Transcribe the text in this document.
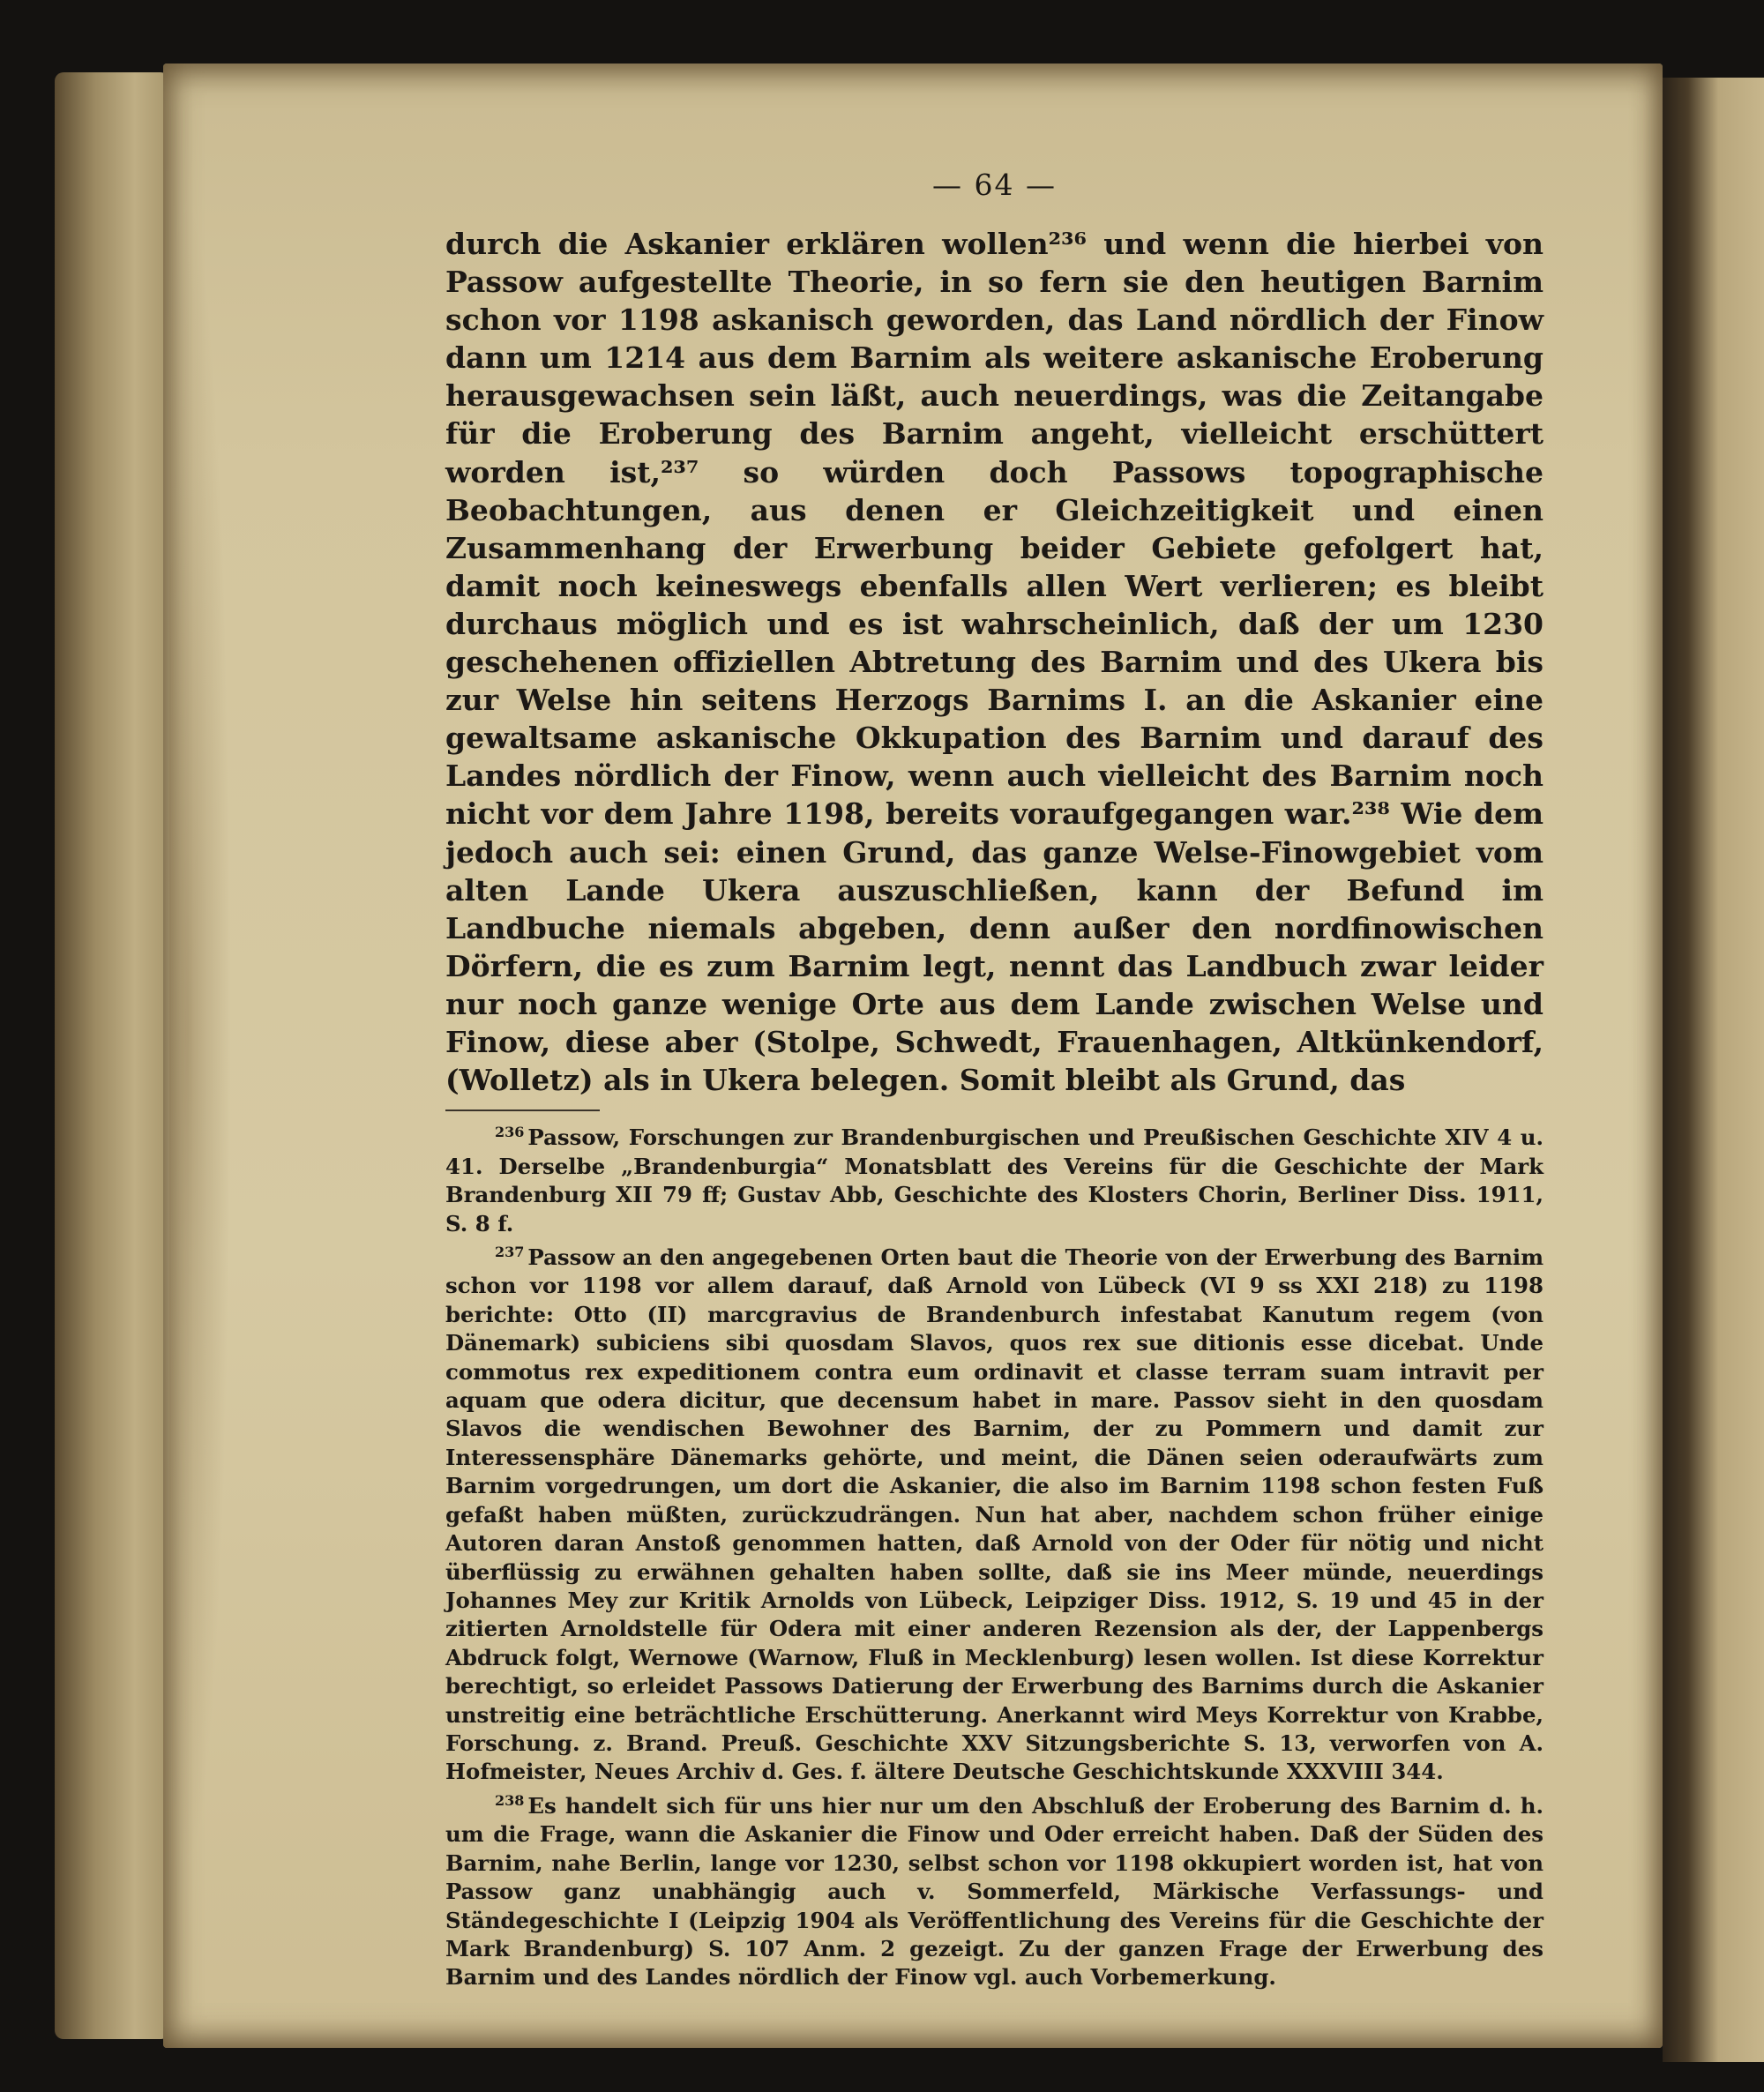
— 64 —

durch die Askanier erklären wollen²³⁶ und wenn die hierbei von Passow aufgestellte Theorie, in so fern sie den heutigen Barnim schon vor 1198 askanisch geworden, das Land nördlich der Finow dann um 1214 aus dem Barnim als weitere askanische Eroberung herausgewachsen sein läßt, auch neuerdings, was die Zeitangabe für die Eroberung des Barnim angeht, vielleicht erschüttert worden ist,²³⁷ so würden doch Passows topographische Beobachtungen, aus denen er Gleichzeitigkeit und einen Zusammenhang der Erwerbung beider Gebiete gefolgert hat, damit noch keineswegs ebenfalls allen Wert verlieren; es bleibt durchaus möglich und es ist wahrscheinlich, daß der um 1230 geschehenen offiziellen Abtretung des Barnim und des Ukera bis zur Welse hin seitens Herzogs Barnims I. an die Askanier eine gewaltsame askanische Okkupation des Barnim und darauf des Landes nördlich der Finow, wenn auch vielleicht des Barnim noch nicht vor dem Jahre 1198, bereits voraufgegangen war.²³⁸ Wie dem jedoch auch sei: einen Grund, das ganze Welse-Finowgebiet vom alten Lande Ukera auszuschließen, kann der Befund im Landbuche niemals abgeben, denn außer den nordfinowischen Dörfern, die es zum Barnim legt, nennt das Landbuch zwar leider nur noch ganze wenige Orte aus dem Lande zwischen Welse und Finow, diese aber (Stolpe, Schwedt, Frauenhagen, Altkünkendorf, (Wolletz) als in Ukera belegen. Somit bleibt als Grund, das

$^{236}$ Passow, Forschungen zur Brandenburgischen und Preußischen Geschichte XIV 4 u. 41. Derselbe „Brandenburgia“ Monatsblatt des Vereins für die Geschichte der Mark Brandenburg XII 79 ff; Gustav Abb, Geschichte des Klosters Chorin, Berliner Diss. 1911, S. 8 f.

$^{237}$ Passow an den angegebenen Orten baut die Theorie von der Erwerbung des Barnim schon vor 1198 vor allem darauf, daß Arnold von Lübeck (VI 9 ss XXI 218) zu 1198 berichte: Otto (II) marcgravius de Brandenburch infestabat Kanutum regem (von Dänemark) subiciens sibi quosdam Slavos, quos rex sue ditionis esse dicebat. Unde commotus rex expeditionem contra eum ordinavit et classe terram suam intravit per aquam que odera dicitur, que decensum habet in mare. Passov sieht in den quosdam Slavos die wendischen Bewohner des Barnim, der zu Pommern und damit zur Interessensphäre Dänemarks gehörte, und meint, die Dänen seien oderaufwärts zum Barnim vorgedrungen, um dort die Askanier, die also im Barnim 1198 schon festen Fuß gefaßt haben müßten, zurückzudrängen. Nun hat aber, nachdem schon früher einige Autoren daran Anstoß genommen hatten, daß Arnold von der Oder für nötig und nicht überflüssig zu erwähnen gehalten haben sollte, daß sie ins Meer münde, neuerdings Johannes Mey zur Kritik Arnolds von Lübeck, Leipziger Diss. 1912, S. 19 und 45 in der zitierten Arnoldstelle für Odera mit einer anderen Rezension als der, der Lappenbergs Abdruck folgt, Wernowe (Warnow, Fluß in Mecklenburg) lesen wollen. Ist diese Korrektur berechtigt, so erleidet Passows Datierung der Erwerbung des Barnims durch die Askanier unstreitig eine beträchtliche Erschütterung. Anerkannt wird Meys Korrektur von Krabbe, Forschung. z. Brand. Preuß. Geschichte XXV Sitzungsberichte S. 13, verworfen von A. Hofmeister, Neues Archiv d. Ges. f. ältere Deutsche Geschichtskunde XXXVIII 344.

$^{238}$ Es handelt sich für uns hier nur um den Abschluß der Eroberung des Barnim d. h. um die Frage, wann die Askanier die Finow und Oder erreicht haben. Daß der Süden des Barnim, nahe Berlin, lange vor 1230, selbst schon vor 1198 okkupiert worden ist, hat von Passow ganz unabhängig auch v. Sommerfeld, Märkische Verfassungs- und Ständegeschichte I (Leipzig 1904 als Veröffentlichung des Vereins für die Geschichte der Mark Brandenburg) S. 107 Anm. 2 gezeigt. Zu der ganzen Frage der Erwerbung des Barnim und des Landes nördlich der Finow vgl. auch Vorbemerkung.
